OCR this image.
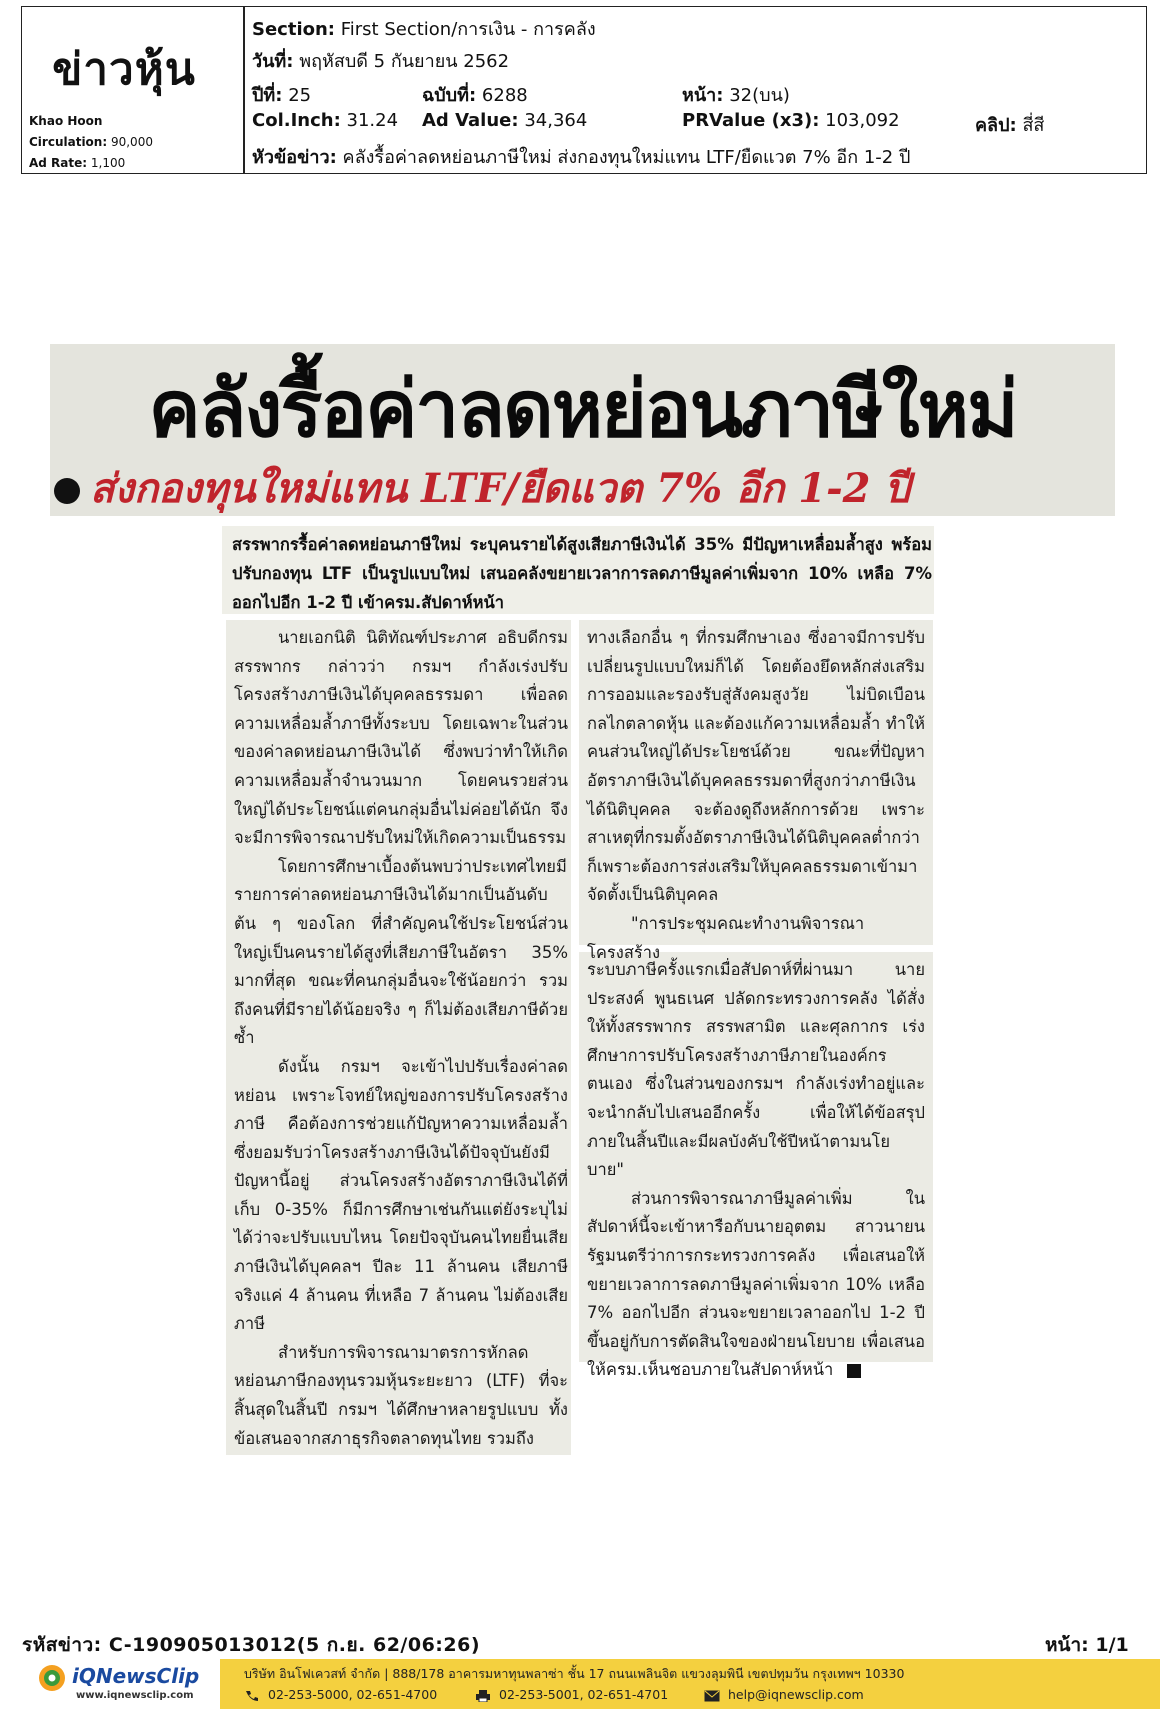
ข่าวหุ้น
Khao Hoon
Circulation: 90,000
Ad Rate: 1,100
Section: First Section/การเงิน - การคลัง
วันที่: พฤหัสบดี 5 กันยายน 2562
ปีที่: 25	ฉบับที่: 6288	หน้า: 32(บน)
Col.Inch: 31.24 Ad Value: 34,364	PRValue (x3): 103,092	คลิป: สี่สี
หัวข้อข่าว: คลังรื้อค่าลดหย่อนภาษีใหม่ ส่งกองทุนใหม่แทน LTF/ยืดแวต 7% อีก 1-2 ปี
คลังรื้อค่าลดหย่อนภาษีใหม่
ส่งกองทุนใหม่แทน LTF/ยืดแวต 7% อีก 1-2 ปี
สรรพากรรื้อค่าลดหย่อนภาษีใหม่ ระบุคนรายได้สูงเสียภาษีเงินได้ 35% มีปัญหาเหลื่อมล้ำสูง พร้อมปรับกองทุน LTF เป็นรูปแบบใหม่ เสนอคลังขยายเวลาการลดภาษีมูลค่าเพิ่มจาก 10% เหลือ 7% ออกไปอีก 1-2 ปี เข้าครม.สัปดาห์หน้า

นายเอกนิติ นิติทัณฑ์ประภาศ อธิบดีกรมสรรพากร กล่าวว่า กรมฯ กำลังเร่งปรับโครงสร้างภาษีเงินได้บุคคลธรรมดา เพื่อลดความเหลื่อมล้ำภาษีทั้งระบบ โดยเฉพาะในส่วนของค่าลดหย่อนภาษีเงินได้ ซึ่งพบว่าทำให้เกิดความเหลื่อมล้ำจำนวนมาก โดยคนรวยส่วนใหญ่ได้ประโยชน์แต่คนกลุ่มอื่นไม่ค่อยได้นัก จึงจะมีการพิจารณาปรับใหม่ให้เกิดความเป็นธรรม

โดยการศึกษาเบื้องต้นพบว่าประเทศไทยมีรายการค่าลดหย่อนภาษีเงินได้มากเป็นอันดับต้น ๆ ของโลก ที่สำคัญคนใช้ประโยชน์ส่วนใหญ่เป็นคนรายได้สูงที่เสียภาษีในอัตรา 35% มากที่สุด ขณะที่คนกลุ่มอื่นจะใช้น้อยกว่า รวมถึงคนที่มีรายได้น้อยจริง ๆ ก็ไม่ต้องเสียภาษีด้วยซ้ำ

ดังนั้น กรมฯ จะเข้าไปปรับเรื่องค่าลดหย่อน เพราะโจทย์ใหญ่ของการปรับโครงสร้างภาษี คือต้องการช่วยแก้ปัญหาความเหลื่อมล้ำ ซึ่งยอมรับว่าโครงสร้างภาษีเงินได้ปัจจุบันยังมีปัญหานี้อยู่ ส่วนโครงสร้างอัตราภาษีเงินได้ที่เก็บ 0-35% ก็มีการศึกษาเช่นกันแต่ยังระบุไม่ได้ว่าจะปรับแบบไหน โดยปัจจุบันคนไทยยื่นเสียภาษีเงินได้บุคคลฯ ปีละ 11 ล้านคน เสียภาษีจริงแค่ 4 ล้านคน ที่เหลือ 7 ล้านคน ไม่ต้องเสียภาษี

สำหรับการพิจารณามาตรการหักลดหย่อนภาษีกองทุนรวมหุ้นระยะยาว (LTF) ที่จะสิ้นสุดในสิ้นปี กรมฯ ได้ศึกษาหลายรูปแบบ ทั้งข้อเสนอจากสภาธุรกิจตลาดทุนไทย รวมถึง

ทางเลือกอื่น ๆ ที่กรมศึกษาเอง ซึ่งอาจมีการปรับเปลี่ยนรูปแบบใหม่ก็ได้ โดยต้องยึดหลักส่งเสริมการออมและรองรับสู่สังคมสูงวัย ไม่บิดเบือนกลไกตลาดหุ้น และต้องแก้ความเหลื่อมล้ำ ทำให้คนส่วนใหญ่ได้ประโยชน์ด้วย ขณะที่ปัญหาอัตราภาษีเงินได้บุคคลธรรมดาที่สูงกว่าภาษีเงินได้นิติบุคคล จะต้องดูถึงหลักการด้วย เพราะสาเหตุที่กรมตั้งอัตราภาษีเงินได้นิติบุคคลต่ำกว่า ก็เพราะต้องการส่งเสริมให้บุคคลธรรมดาเข้ามาจัดตั้งเป็นนิติบุคคล

"การประชุมคณะทำงานพิจารณาโครงสร้าง

ระบบภาษีครั้งแรกเมื่อสัปดาห์ที่ผ่านมา นายประสงค์ พูนธเนศ ปลัดกระทรวงการคลัง ได้สั่งให้ทั้งสรรพากร สรรพสามิต และศุลกากร เร่งศึกษาการปรับโครงสร้างภาษีภายในองค์กรตนเอง ซึ่งในส่วนของกรมฯ กำลังเร่งทำอยู่และจะนำกลับไปเสนออีกครั้ง เพื่อให้ได้ข้อสรุปภายในสิ้นปีและมีผลบังคับใช้ปีหน้าตามนโยบาย"

ส่วนการพิจารณาภาษีมูลค่าเพิ่ม ในสัปดาห์นี้จะเข้าหารือกับนายอุตตม สาวนายน รัฐมนตรีว่าการกระทรวงการคลัง เพื่อเสนอให้ขยายเวลาการลดภาษีมูลค่าเพิ่มจาก 10% เหลือ 7% ออกไปอีก ส่วนจะขยายเวลาออกไป 1-2 ปี ขึ้นอยู่กับการตัดสินใจของฝ่ายนโยบาย เพื่อเสนอให้ครม.เห็นชอบภายในสัปดาห์หน้า

รหัสข่าว: C-190905013012(5 ก.ย. 62/06:26)	หน้า: 1/1
iQNewsClip
www.iqnewsclip.com
บริษัท อินโฟเควสท์ จำกัด | 888/178 อาคารมหาทุนพลาซ่า ชั้น 17 ถนนเพลินจิต แขวงลุมพินี เขตปทุมวัน กรุงเทพฯ 10330
02-253-5000, 02-651-4700	02-253-5001, 02-651-4701	help@iqnewsclip.com
